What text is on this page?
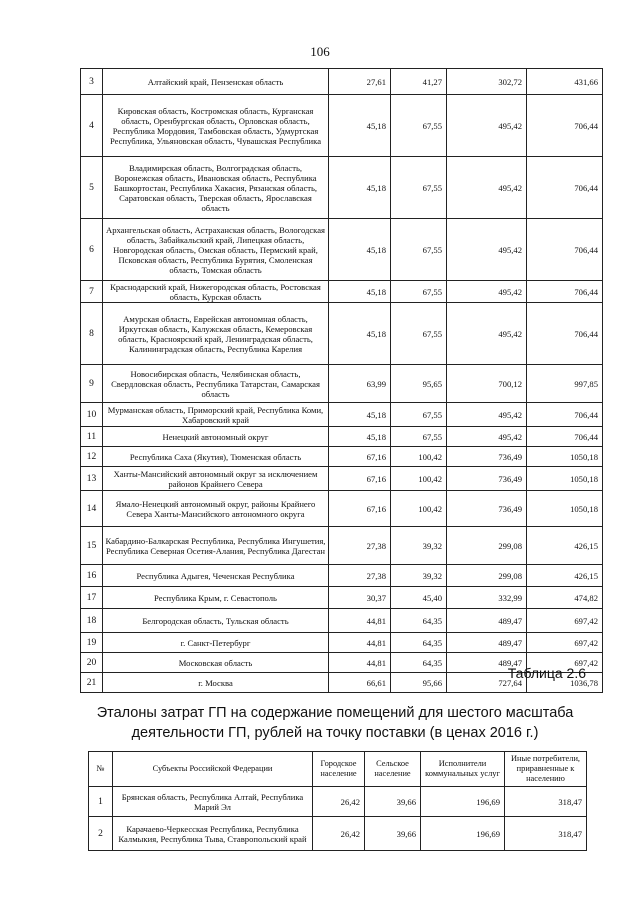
106
3	Алтайский край, Пензенская область	27,61	41,27	302,72	431,66
4	Кировская область, Костромская область, Курганская область, Оренбургская область, Орловская область, Республика Мордовия, Тамбовская область, Удмуртская Республика, Ульяновская область, Чувашская Республика	45,18	67,55	495,42	706,44
5	Владимирская область, Волгоградская область, Воронежская область, Ивановская область, Республика Башкортостан, Республика Хакасия, Рязанская область, Саратовская область, Тверская область, Ярославская область	45,18	67,55	495,42	706,44
6	Архангельская область, Астраханская область, Вологодская область, Забайкальский край, Липецкая область, Новгородская область, Омская область, Пермский край, Псковская область, Республика Бурятия, Смоленская область, Томская область	45,18	67,55	495,42	706,44
7	Краснодарский край, Нижегородская область, Ростовская область, Курская область	45,18	67,55	495,42	706,44
8	Амурская область, Еврейская автономная область, Иркутская область, Калужская область, Кемеровская область, Красноярский край, Ленинградская область, Калининградская область, Республика Карелия	45,18	67,55	495,42	706,44
9	Новосибирская область, Челябинская область, Свердловская область, Республика Татарстан, Самарская область	63,99	95,65	700,12	997,85
10	Мурманская область, Приморский край, Республика Коми, Хабаровский край	45,18	67,55	495,42	706,44
11	Ненецкий автономный округ	45,18	67,55	495,42	706,44
12	Республика Саха (Якутия), Тюменская область	67,16	100,42	736,49	1050,18
13	Ханты-Мансийский автономный округ за исключением районов Крайнего Севера	67,16	100,42	736,49	1050,18
14	Ямало-Ненецкий автономный округ, районы Крайнего Севера Ханты-Мансийского автономного округа	67,16	100,42	736,49	1050,18
15	Кабардино-Балкарская Республика, Республика Ингушетия, Республика Северная Осетия-Алания, Республика Дагестан	27,38	39,32	299,08	426,15
16	Республика Адыгея, Чеченская Республика	27,38	39,32	299,08	426,15
17	Республика Крым, г. Севастополь	30,37	45,40	332,99	474,82
18	Белгородская область, Тульская область	44,81	64,35	489,47	697,42
19	г. Санкт-Петербург	44,81	64,35	489,47	697,42
20	Московская область	44,81	64,35	489,47	697,42
21	г. Москва	66,61	95,66	727,64	1036,78
Таблица 2.6
Эталоны затрат ГП на содержание помещений для шестого масштаба деятельности ГП, рублей на точку поставки (в ценах 2016 г.)
№	Субъекты Российской Федерации	Городское население	Сельское население	Исполнители коммунальных услуг	Иные потребители, приравненные к населению
1	Брянская область, Республика Алтай, Республика Марий Эл	26,42	39,66	196,69	318,47
2	Карачаево-Черкесская Республика, Республика Калмыкия, Республика Тыва, Ставропольский край	26,42	39,66	196,69	318,47
